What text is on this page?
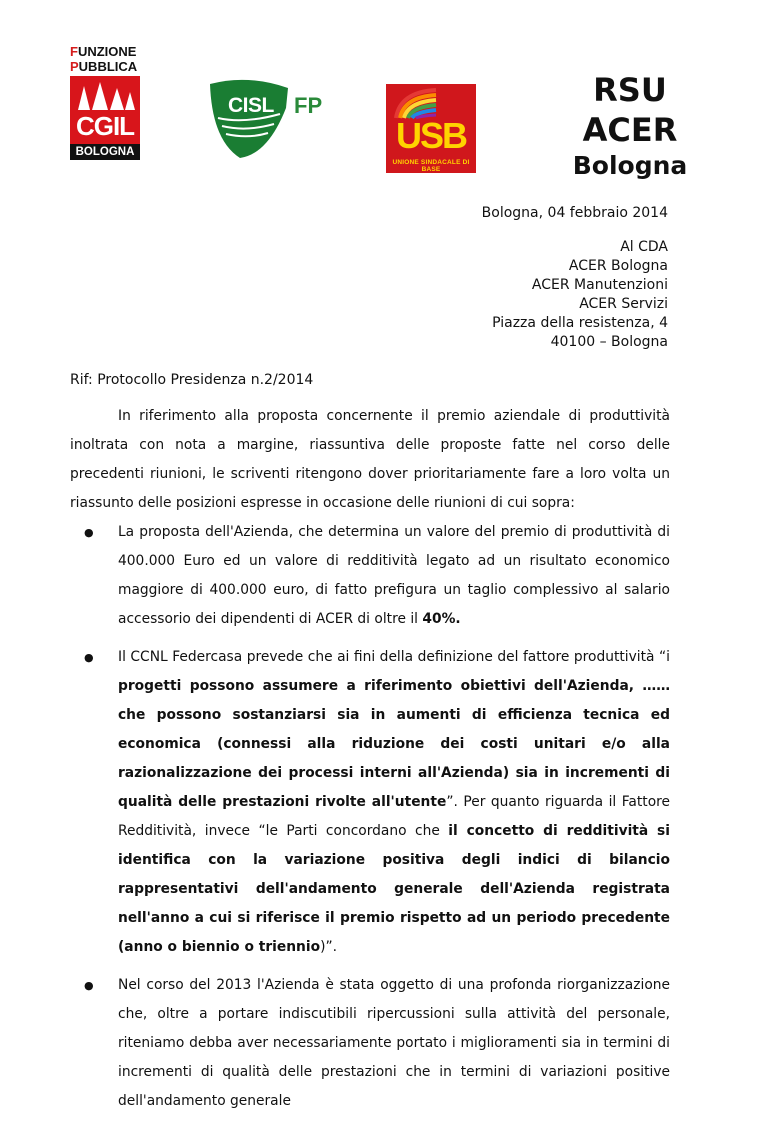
FUNZIONE
PUBBLICA
CGIL
BOLOGNA
CISL FP
USB
UNIONE SINDACALE DI BASE
RSU
ACER
Bologna
Bologna, 04 febbraio 2014
Al CDA
ACER Bologna
ACER Manutenzioni
ACER Servizi
Piazza della resistenza, 4
40100 – Bologna
Rif: Protocollo Presidenza n.2/2014

In riferimento alla proposta concernente il premio aziendale di produttività inoltrata con nota a margine, riassuntiva delle proposte fatte nel corso delle precedenti riunioni, le scriventi ritengono dover prioritariamente fare a loro volta un riassunto delle posizioni espresse in occasione delle riunioni di cui sopra:

● La proposta dell'Azienda, che determina un valore del premio di produttività di 400.000 Euro ed un valore di redditività legato ad un risultato economico maggiore di 400.000 euro, di fatto prefigura un taglio complessivo al salario accessorio dei dipendenti di ACER di oltre il 40%.
● Il CCNL Federcasa prevede che ai fini della definizione del fattore produttività “i progetti possono assumere a riferimento obiettivi dell'Azienda, …… che possono sostanziarsi sia in aumenti di efficienza tecnica ed economica (connessi alla riduzione dei costi unitari e/o alla razionalizzazione dei processi interni all'Azienda) sia in incrementi di qualità delle prestazioni rivolte all'utente”. Per quanto riguarda il Fattore Redditività, invece “le Parti concordano che il concetto di redditività si identifica con la variazione positiva degli indici di bilancio rappresentativi dell'andamento generale dell'Azienda registrata nell'anno a cui si riferisce il premio rispetto ad un periodo precedente (anno o biennio o triennio)”.
● Nel corso del 2013 l'Azienda è stata oggetto di una profonda riorganizzazione che, oltre a portare indiscutibili ripercussioni sulla attività del personale, riteniamo debba aver necessariamente portato i miglioramenti sia in termini di incrementi di qualità delle prestazioni che in termini di variazioni positive dell'andamento generale
